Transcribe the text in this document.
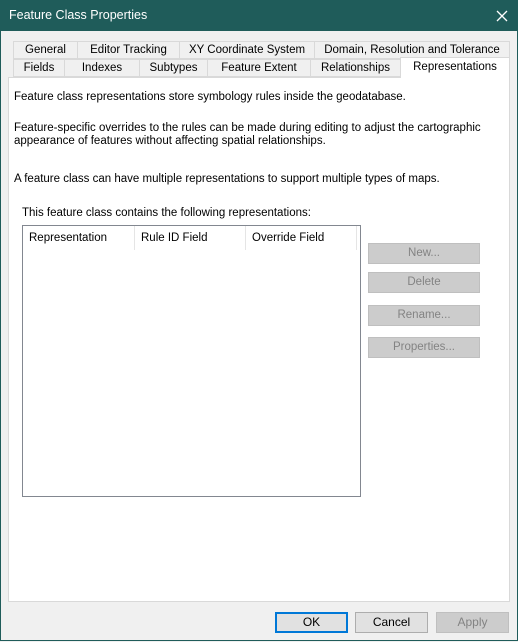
Feature Class Properties
General	Editor Tracking	XY Coordinate System	Domain, Resolution and Tolerance
Fields	Indexes	Subtypes	Feature Extent	Relationships	Representations
Feature class representations store symbology rules inside the geodatabase.
Feature-specific overrides to the rules can be made during editing to adjust the cartographic
appearance of features without affecting spatial relationships.
A feature class can have multiple representations to support multiple types of maps.
This feature class contains the following representations:
Representation	Rule ID Field	Override Field
New...
Delete
Rename...
Properties...
OK	Cancel	Apply
